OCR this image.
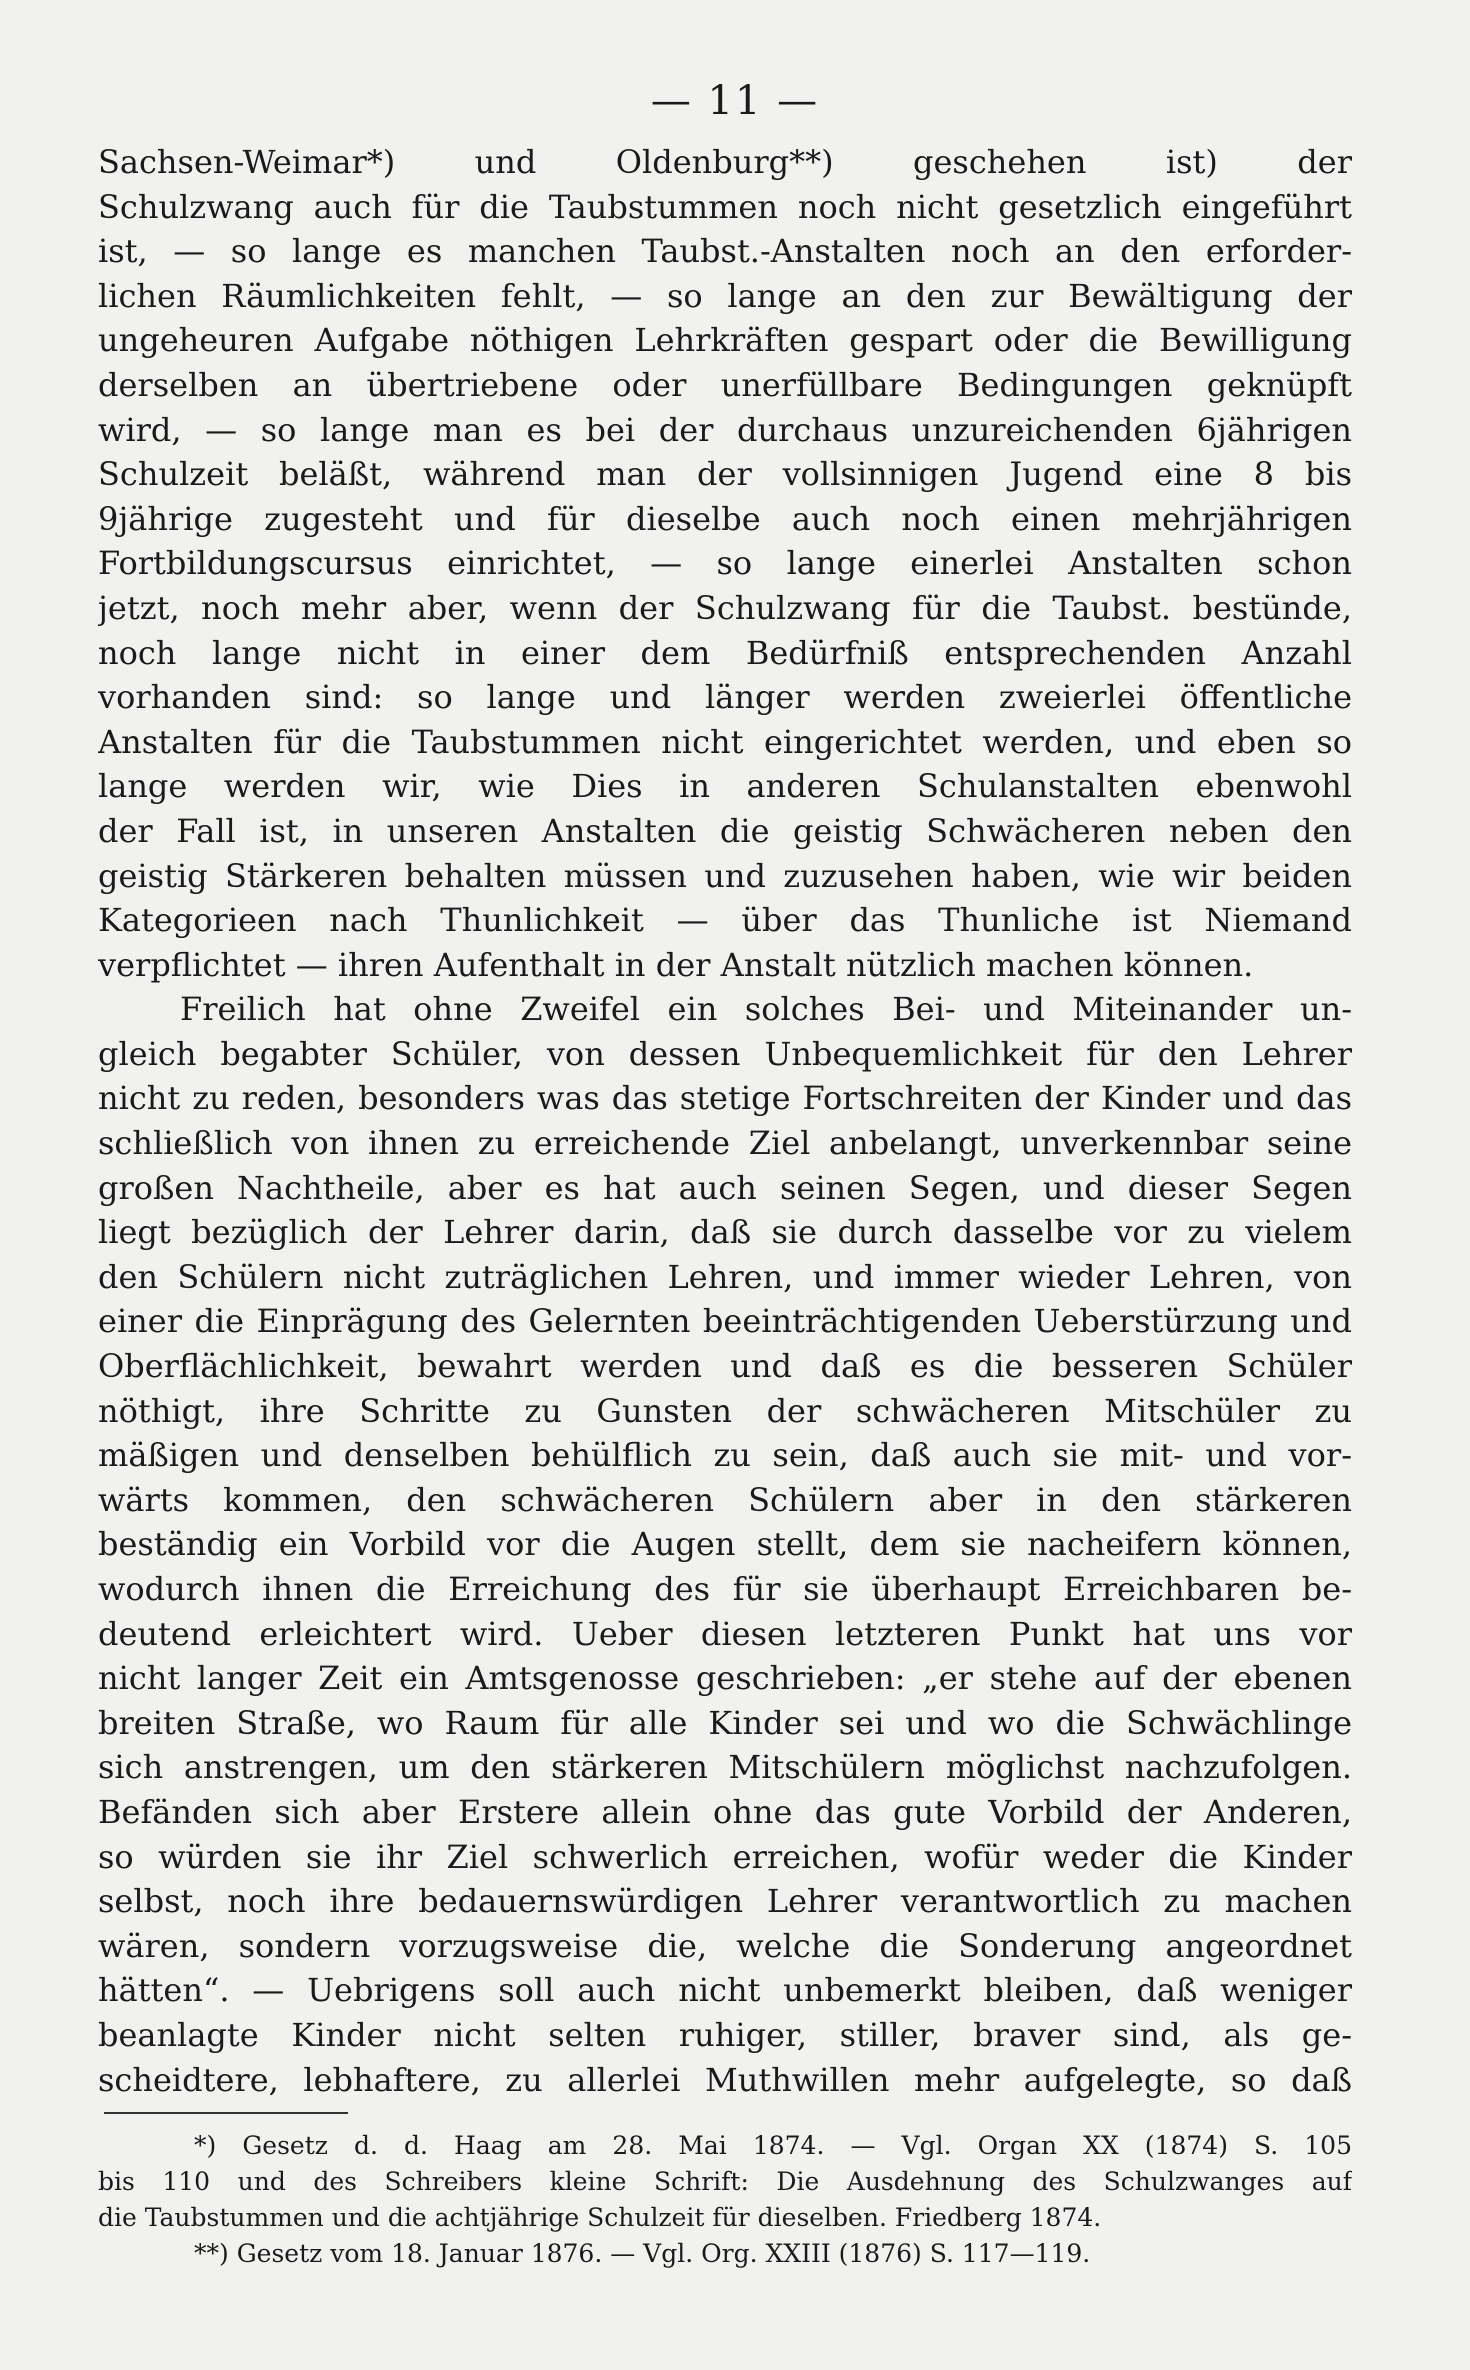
— 11 —
Sachsen-Weimar*) und Oldenburg**) geschehen ist) der
Schulzwang auch für die Taubstummen noch nicht gesetzlich eingeführt
ist, — so lange es manchen Taubst.-Anstalten noch an den erforder-
lichen Räumlichkeiten fehlt, — so lange an den zur Bewältigung der
ungeheuren Aufgabe nöthigen Lehrkräften gespart oder die Bewilligung
derselben an übertriebene oder unerfüllbare Bedingungen geknüpft
wird, — so lange man es bei der durchaus unzureichenden 6jährigen
Schulzeit beläßt, während man der vollsinnigen Jugend eine 8 bis
9jährige zugesteht und für dieselbe auch noch einen mehrjährigen
Fortbildungscursus einrichtet, — so lange einerlei Anstalten schon
jetzt, noch mehr aber, wenn der Schulzwang für die Taubst. bestünde,
noch lange nicht in einer dem Bedürfniß entsprechenden Anzahl
vorhanden sind: so lange und länger werden zweierlei öffentliche
Anstalten für die Taubstummen nicht eingerichtet werden, und eben so
lange werden wir, wie Dies in anderen Schulanstalten ebenwohl
der Fall ist, in unseren Anstalten die geistig Schwächeren neben den
geistig Stärkeren behalten müssen und zuzusehen haben, wie wir beiden
Kategorieen nach Thunlichkeit — über das Thunliche ist Niemand
verpflichtet — ihren Aufenthalt in der Anstalt nützlich machen können.
Freilich hat ohne Zweifel ein solches Bei- und Miteinander un-
gleich begabter Schüler, von dessen Unbequemlichkeit für den Lehrer
nicht zu reden, besonders was das stetige Fortschreiten der Kinder und das
schließlich von ihnen zu erreichende Ziel anbelangt, unverkennbar seine
großen Nachtheile, aber es hat auch seinen Segen, und dieser Segen
liegt bezüglich der Lehrer darin, daß sie durch dasselbe vor zu vielem
den Schülern nicht zuträglichen Lehren, und immer wieder Lehren, von
einer die Einprägung des Gelernten beeinträchtigenden Ueberstürzung und
Oberflächlichkeit, bewahrt werden und daß es die besseren Schüler
nöthigt, ihre Schritte zu Gunsten der schwächeren Mitschüler zu
mäßigen und denselben behülflich zu sein, daß auch sie mit- und vor-
wärts kommen, den schwächeren Schülern aber in den stärkeren
beständig ein Vorbild vor die Augen stellt, dem sie nacheifern können,
wodurch ihnen die Erreichung des für sie überhaupt Erreichbaren be-
deutend erleichtert wird. Ueber diesen letzteren Punkt hat uns vor
nicht langer Zeit ein Amtsgenosse geschrieben: „er stehe auf der ebenen
breiten Straße, wo Raum für alle Kinder sei und wo die Schwächlinge
sich anstrengen, um den stärkeren Mitschülern möglichst nachzufolgen.
Befänden sich aber Erstere allein ohne das gute Vorbild der Anderen,
so würden sie ihr Ziel schwerlich erreichen, wofür weder die Kinder
selbst, noch ihre bedauernswürdigen Lehrer verantwortlich zu machen
wären, sondern vorzugsweise die, welche die Sonderung angeordnet
hätten“. — Uebrigens soll auch nicht unbemerkt bleiben, daß weniger
beanlagte Kinder nicht selten ruhiger, stiller, braver sind, als ge-
scheidtere, lebhaftere, zu allerlei Muthwillen mehr aufgelegte, so daß
*) Gesetz d. d. Haag am 28. Mai 1874. — Vgl. Organ XX (1874) S. 105
bis 110 und des Schreibers kleine Schrift: Die Ausdehnung des Schulzwanges auf
die Taubstummen und die achtjährige Schulzeit für dieselben. Friedberg 1874.
**) Gesetz vom 18. Januar 1876. — Vgl. Org. XXIII (1876) S. 117—119.
